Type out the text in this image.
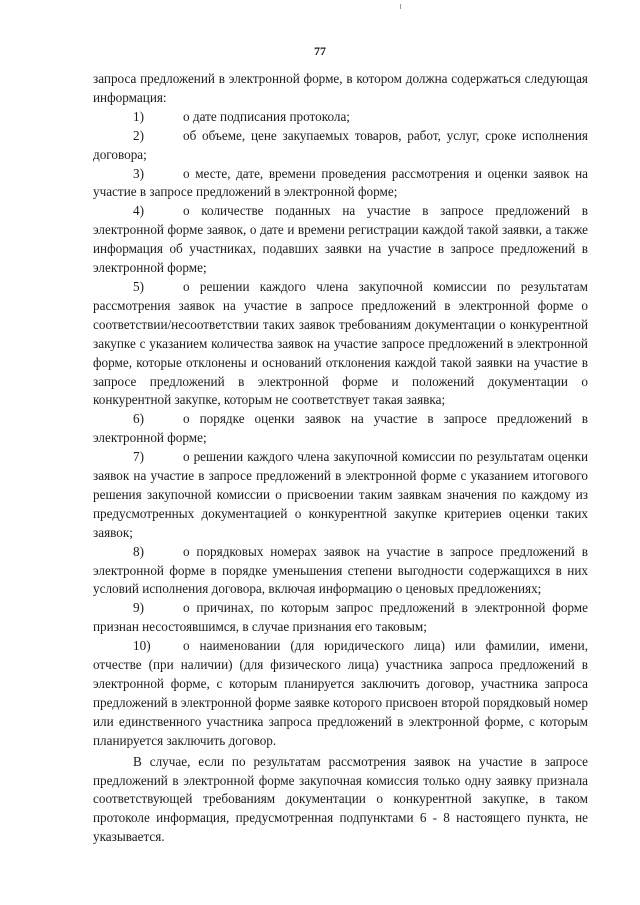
77

запроса предложений в электронной форме, в котором должна содержаться следующая информация:

1)	о дате подписания протокола;

2)	об объеме, цене закупаемых товаров, работ, услуг, сроке исполнения договора;

3)	о месте, дате, времени проведения рассмотрения и оценки заявок на участие в запросе предложений в электронной форме;

4)	о количестве поданных на участие в запросе предложений в электронной форме заявок, о дате и времени регистрации каждой такой заявки, а также информация об участниках, подавших заявки на участие в запросе предложений в электронной форме;

5)	о решении каждого члена закупочной комиссии по результатам рассмотрения заявок на участие в запросе предложений в электронной форме о соответствии/несоответствии таких заявок требованиям документации о конкурентной закупке с указанием количества заявок на участие запросе предложений в электронной форме, которые отклонены и оснований отклонения каждой такой заявки на участие в запросе предложений в электронной форме и положений документации о конкурентной закупке, которым не соответствует такая заявка;

6)	о порядке оценки заявок на участие в запросе предложений в электронной форме;

7)	о решении каждого члена закупочной комиссии по результатам оценки заявок на участие в запросе предложений в электронной форме с указанием итогового решения закупочной комиссии о присвоении таким заявкам значения по каждому из предусмотренных документацией о конкурентной закупке критериев оценки таких заявок;

8)	о порядковых номерах заявок на участие в запросе предложений в электронной форме в порядке уменьшения степени выгодности содержащихся в них условий исполнения договора, включая информацию о ценовых предложениях;

9)	о причинах, по которым запрос предложений в электронной форме признан несостоявшимся, в случае признания его таковым;

10) о наименовании (для юридического лица) или фамилии, имени, отчестве (при наличии) (для физического лица) участника запроса предложений в электронной форме, с которым планируется заключить договор, участника запроса предложений в электронной форме заявке которого присвоен второй порядковый номер или единственного участника запроса предложений в электронной форме, с которым планируется заключить договор.

В случае, если по результатам рассмотрения заявок на участие в запросе предложений в электронной форме закупочная комиссия только одну заявку признала соответствующей требованиям документации о конкурентной закупке, в таком протоколе информация, предусмотренная подпунктами 6 - 8 настоящего пункта, не указывается.
